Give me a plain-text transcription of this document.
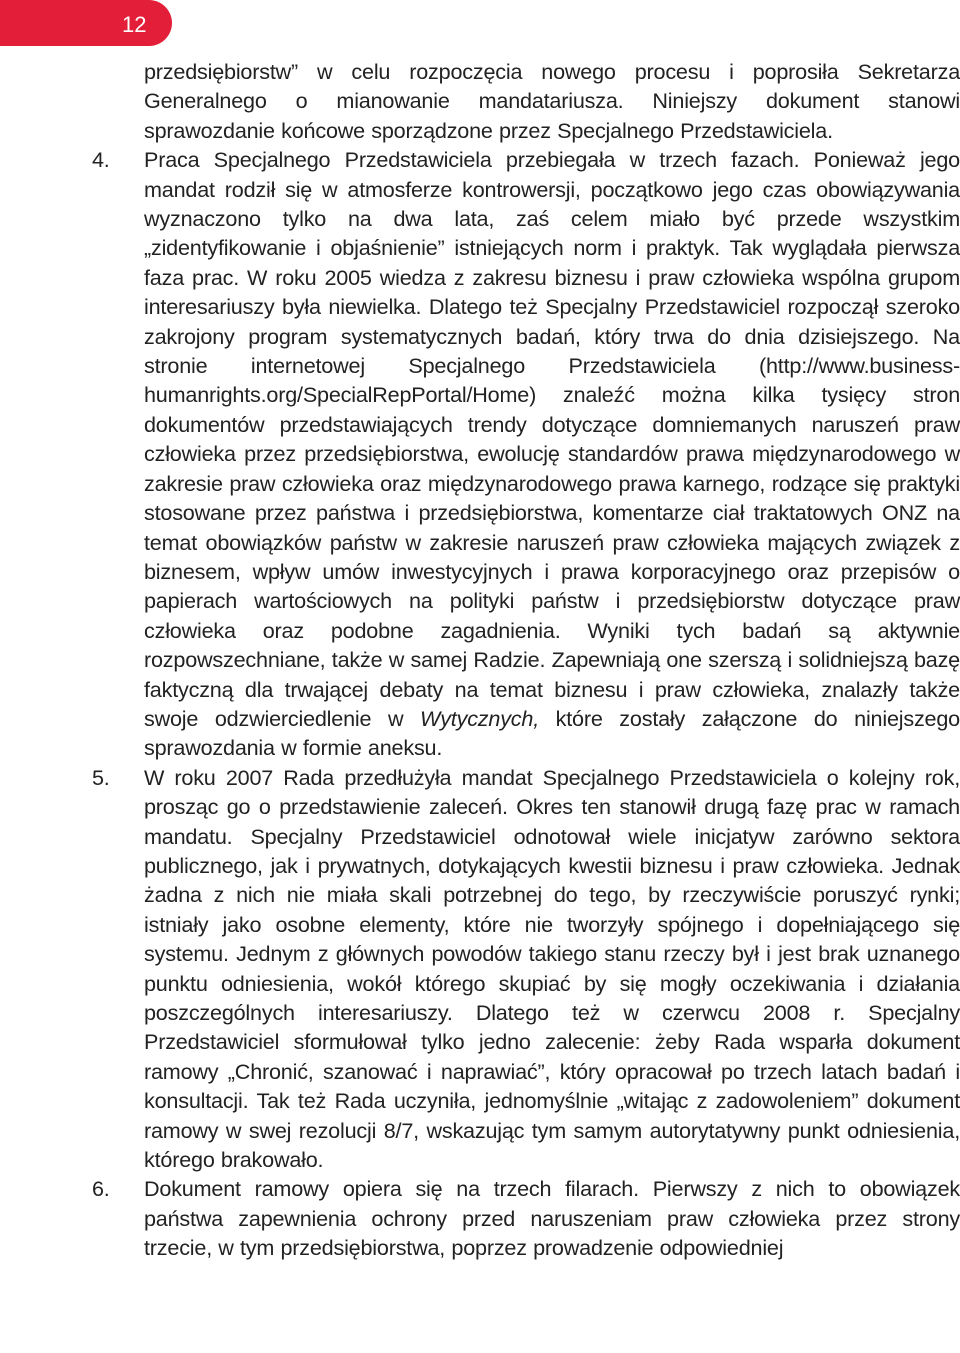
12
przedsiębiorstw” w celu rozpoczęcia nowego procesu i poprosiła Sekretarza Generalnego o mianowanie mandatariusza. Niniejszy dokument stanowi sprawozdanie końcowe sporządzone przez Specjalnego Przedstawiciela.
4. Praca Specjalnego Przedstawiciela przebiegała w trzech fazach. Ponieważ jego mandat rodził się w atmosferze kontrowersji, początkowo jego czas obowiązywania wyznaczono tylko na dwa lata, zaś celem miało być przede wszystkim „zidentyfikowanie i objaśnienie” istniejących norm i praktyk. Tak wyglądała pierwsza faza prac. W roku 2005 wiedza z zakresu biznesu i praw człowieka wspólna grupom interesariuszy była niewielka. Dlatego też Specjalny Przedstawiciel rozpoczął szeroko zakrojony program systematycznych badań, który trwa do dnia dzisiejszego. Na stronie internetowej Specjalnego Przedstawiciela (http://www.business-humanrights.org/SpecialRepPortal/Home) znaleźć można kilka tysięcy stron dokumentów przedstawiających trendy dotyczące domniemanych naruszeń praw człowieka przez przedsiębiorstwa, ewolucję standardów prawa międzynarodowego w zakresie praw człowieka oraz międzynarodowego prawa karnego, rodzące się praktyki stosowane przez państwa i przedsiębiorstwa, komentarze ciał traktatowych ONZ na temat obowiązków państw w zakresie naruszeń praw człowieka mających związek z biznesem, wpływ umów inwestycyjnych i prawa korporacyjnego oraz przepisów o papierach wartościowych na polityki państw i przedsiębiorstw dotyczące praw człowieka oraz podobne zagadnienia. Wyniki tych badań są aktywnie rozpowszechniane, także w samej Radzie. Zapewniają one szerszą i solidniejszą bazę faktyczną dla trwającej debaty na temat biznesu i praw człowieka, znalazły także swoje odzwierciedlenie w Wytycznych, które zostały załączone do niniejszego sprawozdania w formie aneksu.
5. W roku 2007 Rada przedłużyła mandat Specjalnego Przedstawiciela o kolejny rok, prosząc go o przedstawienie zaleceń. Okres ten stanowił drugą fazę prac w ramach mandatu. Specjalny Przedstawiciel odnotował wiele inicjatyw zarówno sektora publicznego, jak i prywatnych, dotykających kwestii biznesu i praw człowieka. Jednak żadna z nich nie miała skali potrzebnej do tego, by rzeczywiście poruszyć rynki; istniały jako osobne elementy, które nie tworzyły spójnego i dopełniającego się systemu. Jednym z głównych powodów takiego stanu rzeczy był i jest brak uznanego punktu odniesienia, wokół którego skupiać by się mogły oczekiwania i działania poszczególnych interesariuszy. Dlatego też w czerwcu 2008 r. Specjalny Przedstawiciel sformułował tylko jedno zalecenie: żeby Rada wsparła dokument ramowy „Chronić, szanować i naprawiać”, który opracował po trzech latach badań i konsultacji. Tak też Rada uczyniła, jednomyślnie „witając z zadowoleniem” dokument ramowy w swej rezolucji 8/7, wskazując tym samym autorytatywny punkt odniesienia, którego brakowało.
6. Dokument ramowy opiera się na trzech filarach. Pierwszy z nich to obowiązek państwa zapewnienia ochrony przed naruszeniam praw człowieka przez strony trzecie, w tym przedsiębiorstwa, poprzez prowadzenie odpowiedniej
